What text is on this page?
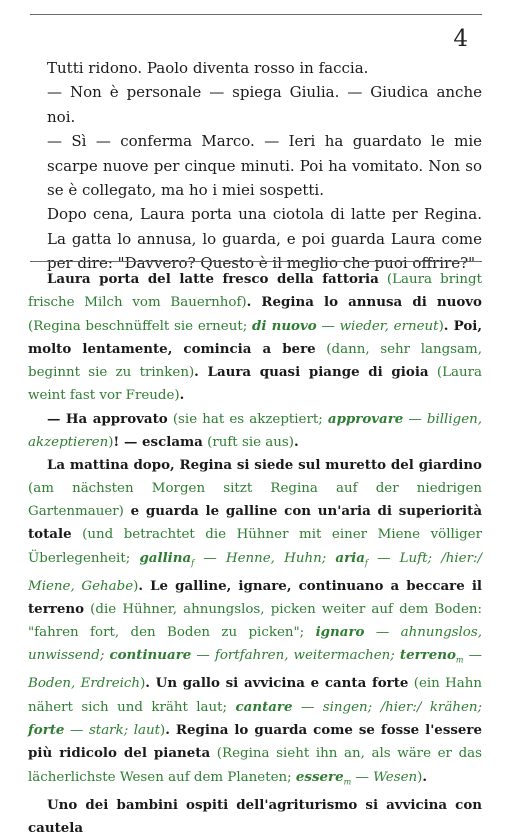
4

Tutti ridono. Paolo diventa rosso in faccia.

— Non è personale — spiega Giulia. — Giudica anche noi.

— Sì — conferma Marco. — Ieri ha guardato le mie scarpe nuove per cinque minuti. Poi ha vomitato. Non so se è collegato, ma ho i miei sospetti.

Dopo cena, Laura porta una ciotola di latte per Regina. La gatta lo annusa, lo guarda, e poi guarda Laura come per dire: "Davvero? Questo è il meglio che puoi offrire?"

Laura porta del latte fresco della fattoria (Laura bringt frische Milch vom Bauernhof). Regina lo annusa di nuovo (Regina beschnüffelt sie erneut; di nuovo — wieder, erneut). Poi, molto lentamente, comincia a bere (dann, sehr langsam, beginnt sie zu trinken). Laura quasi piange di gioia (Laura weint fast vor Freude).

— Ha approvato (sie hat es akzeptiert; approvare — billigen, akzeptieren)! — esclama (ruft sie aus).

La mattina dopo, Regina si siede sul muretto del giardino (am nächsten Morgen sitzt Regina auf der niedrigen Gartenmauer) e guarda le galline con un'aria di superiorità totale (und betrachtet die Hühner mit einer Miene völliger Überlegenheit; gallina$_f$ — Henne, Huhn; aria$_f$ — Luft; /hier:/ Miene, Gehabe). Le galline, ignare, continuano a beccare il terreno (die Hühner, ahnungslos, picken weiter auf dem Boden: "fahren fort, den Boden zu picken"; ignaro — ahnungslos, unwissend; continuare — fortfahren, weitermachen; terreno$_m$ — Boden, Erdreich). Un gallo si avvicina e canta forte (ein Hahn nähert sich und kräht laut; cantare — singen; /hier:/ krähen; forte — stark; laut). Regina lo guarda come se fosse l'essere più ridicolo del pianeta (Regina sieht ihn an, als wäre er das lächerlichste Wesen auf dem Planeten; essere$_m$ — Wesen).

Uno dei bambini ospiti dell'agriturismo si avvicina con cautela
